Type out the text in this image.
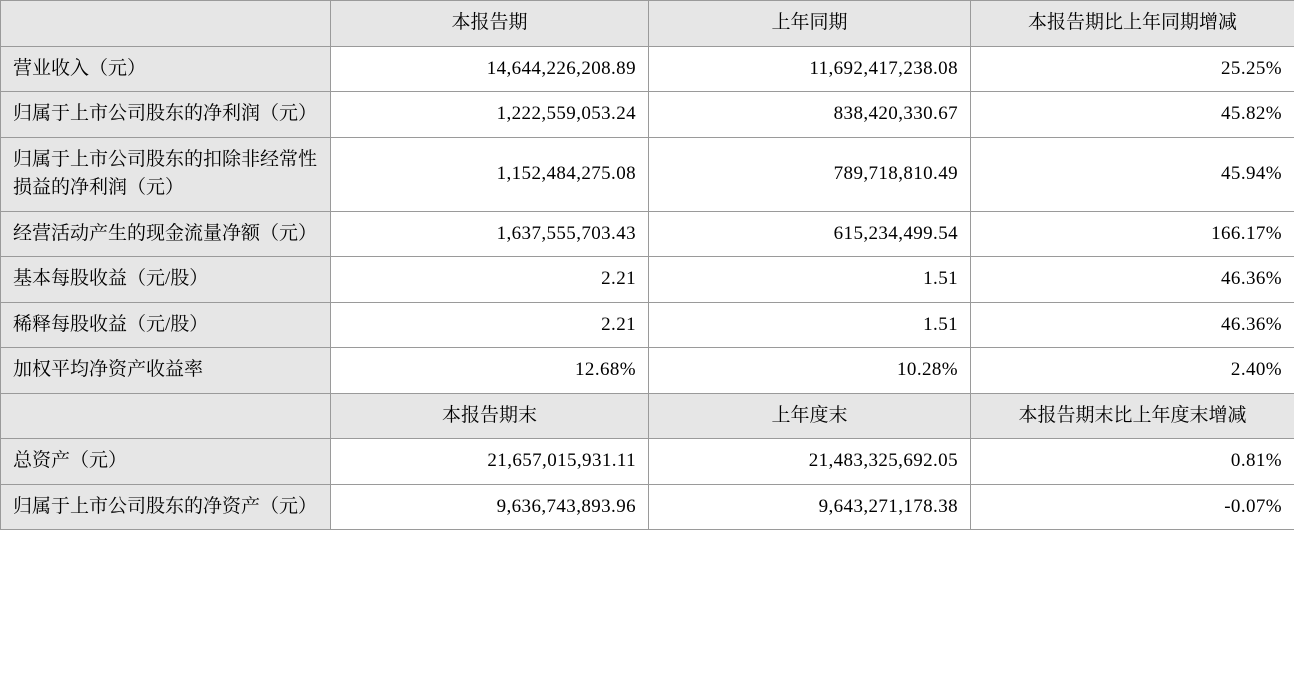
	本报告期	上年同期	本报告期比上年同期增减
营业收入（元）	14,644,226,208.89	11,692,417,238.08	25.25%
归属于上市公司股东的净利润（元）	1,222,559,053.24	838,420,330.67	45.82%
归属于上市公司股东的扣除非经常性损益的净利润（元）	1,152,484,275.08	789,718,810.49	45.94%
经营活动产生的现金流量净额（元）	1,637,555,703.43	615,234,499.54	166.17%
基本每股收益（元/股）	2.21	1.51	46.36%
稀释每股收益（元/股）	2.21	1.51	46.36%
加权平均净资产收益率	12.68%	10.28%	2.40%
	本报告期末	上年度末	本报告期末比上年度末增减
总资产（元）	21,657,015,931.11	21,483,325,692.05	0.81%
归属于上市公司股东的净资产（元）	9,636,743,893.96	9,643,271,178.38	-0.07%
